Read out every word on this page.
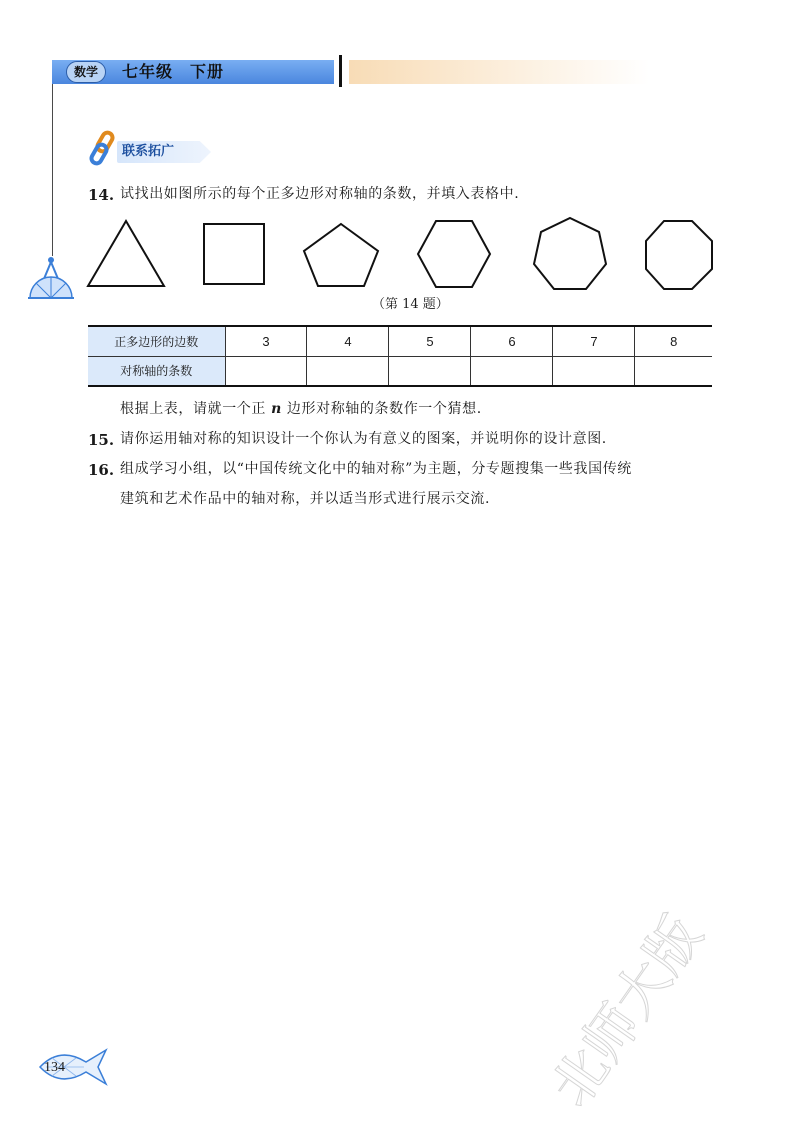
数学	七年级　下册
联系拓广
14. 试找出如图所示的每个正多边形对称轴的条数，并填入表格中.
（第 14 题）
正多边形的边数	3	4	5	6	7	8
对称轴的条数						
根据上表，请就一个正 n 边形对称轴的条数作一个猜想.
15. 请你运用轴对称的知识设计一个你认为有意义的图案，并说明你的设计意图.
16. 组成学习小组，以“中国传统文化中的轴对称”为主题，分专题搜集一些我国传统
建筑和艺术作品中的轴对称，并以适当形式进行展示交流.
134	北师大版
